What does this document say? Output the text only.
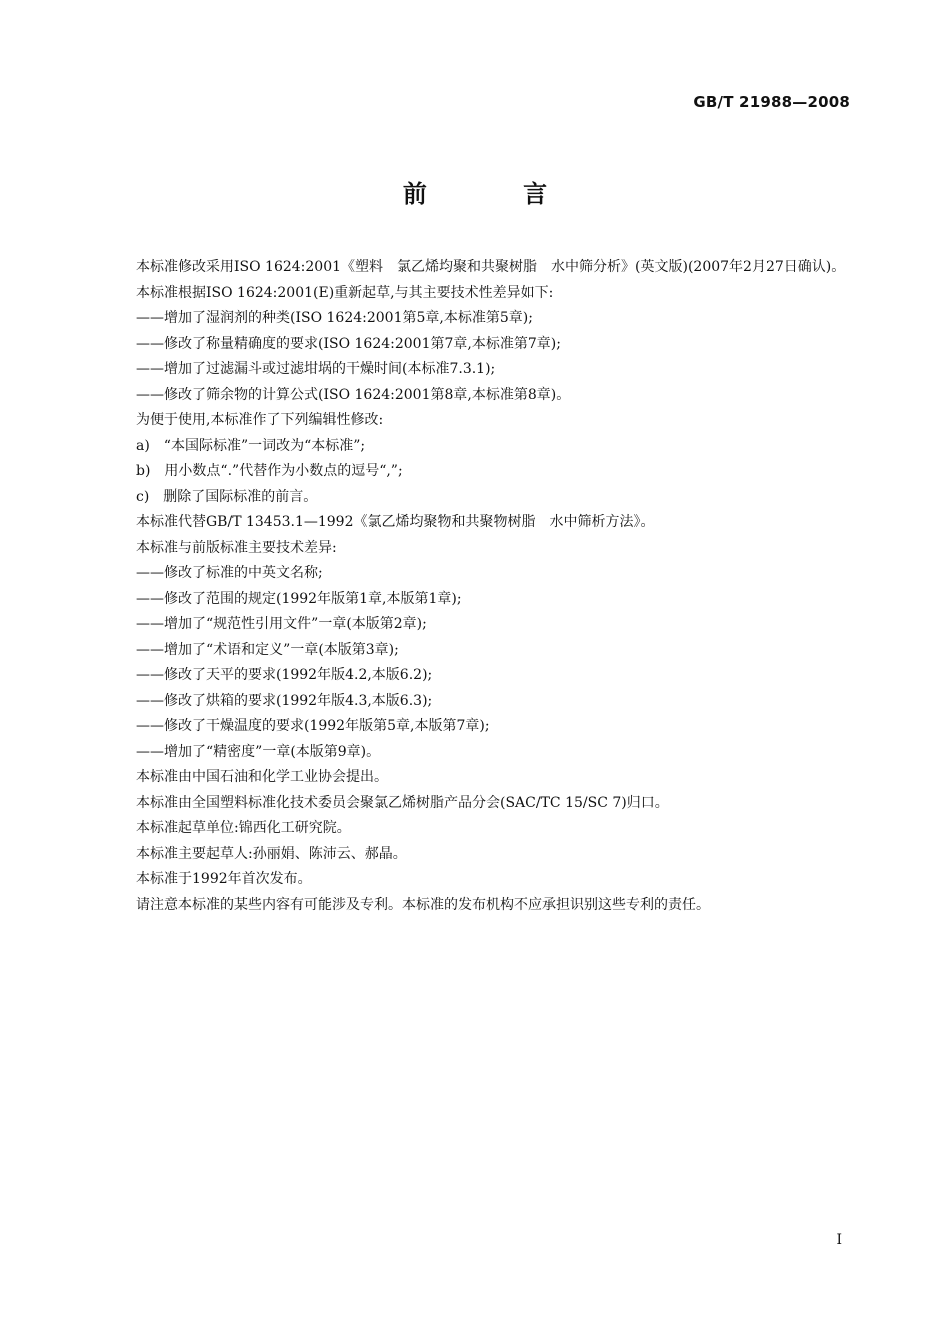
GB/T 21988—2008
前 言

本标准修改采用ISO 1624:2001《塑料　氯乙烯均聚和共聚树脂　水中筛分析》(英文版)(2007年2月27日确认)。

本标准根据ISO 1624:2001(E)重新起草,与其主要技术性差异如下:

——增加了湿润剂的种类(ISO 1624:2001第5章,本标准第5章);

——修改了称量精确度的要求(ISO 1624:2001第7章,本标准第7章);

——增加了过滤漏斗或过滤坩埚的干燥时间(本标准7.3.1);

——修改了筛余物的计算公式(ISO 1624:2001第8章,本标准第8章)。

为便于使用,本标准作了下列编辑性修改:

a)　“本国际标准”一词改为“本标准”;

b)　用小数点“.”代替作为小数点的逗号“,”;

c)　删除了国际标准的前言。

本标准代替GB/T 13453.1—1992《氯乙烯均聚物和共聚物树脂　水中筛析方法》。

本标准与前版标准主要技术差异:

——修改了标准的中英文名称;

——修改了范围的规定(1992年版第1章,本版第1章);

——增加了“规范性引用文件”一章(本版第2章);

——增加了“术语和定义”一章(本版第3章);

——修改了天平的要求(1992年版4.2,本版6.2);

——修改了烘箱的要求(1992年版4.3,本版6.3);

——修改了干燥温度的要求(1992年版第5章,本版第7章);

——增加了“精密度”一章(本版第9章)。

本标准由中国石油和化学工业协会提出。

本标准由全国塑料标准化技术委员会聚氯乙烯树脂产品分会(SAC/TC 15/SC 7)归口。

本标准起草单位:锦西化工研究院。

本标准主要起草人:孙丽娟、陈沛云、郝晶。

本标准于1992年首次发布。

请注意本标准的某些内容有可能涉及专利。本标准的发布机构不应承担识别这些专利的责任。

I
